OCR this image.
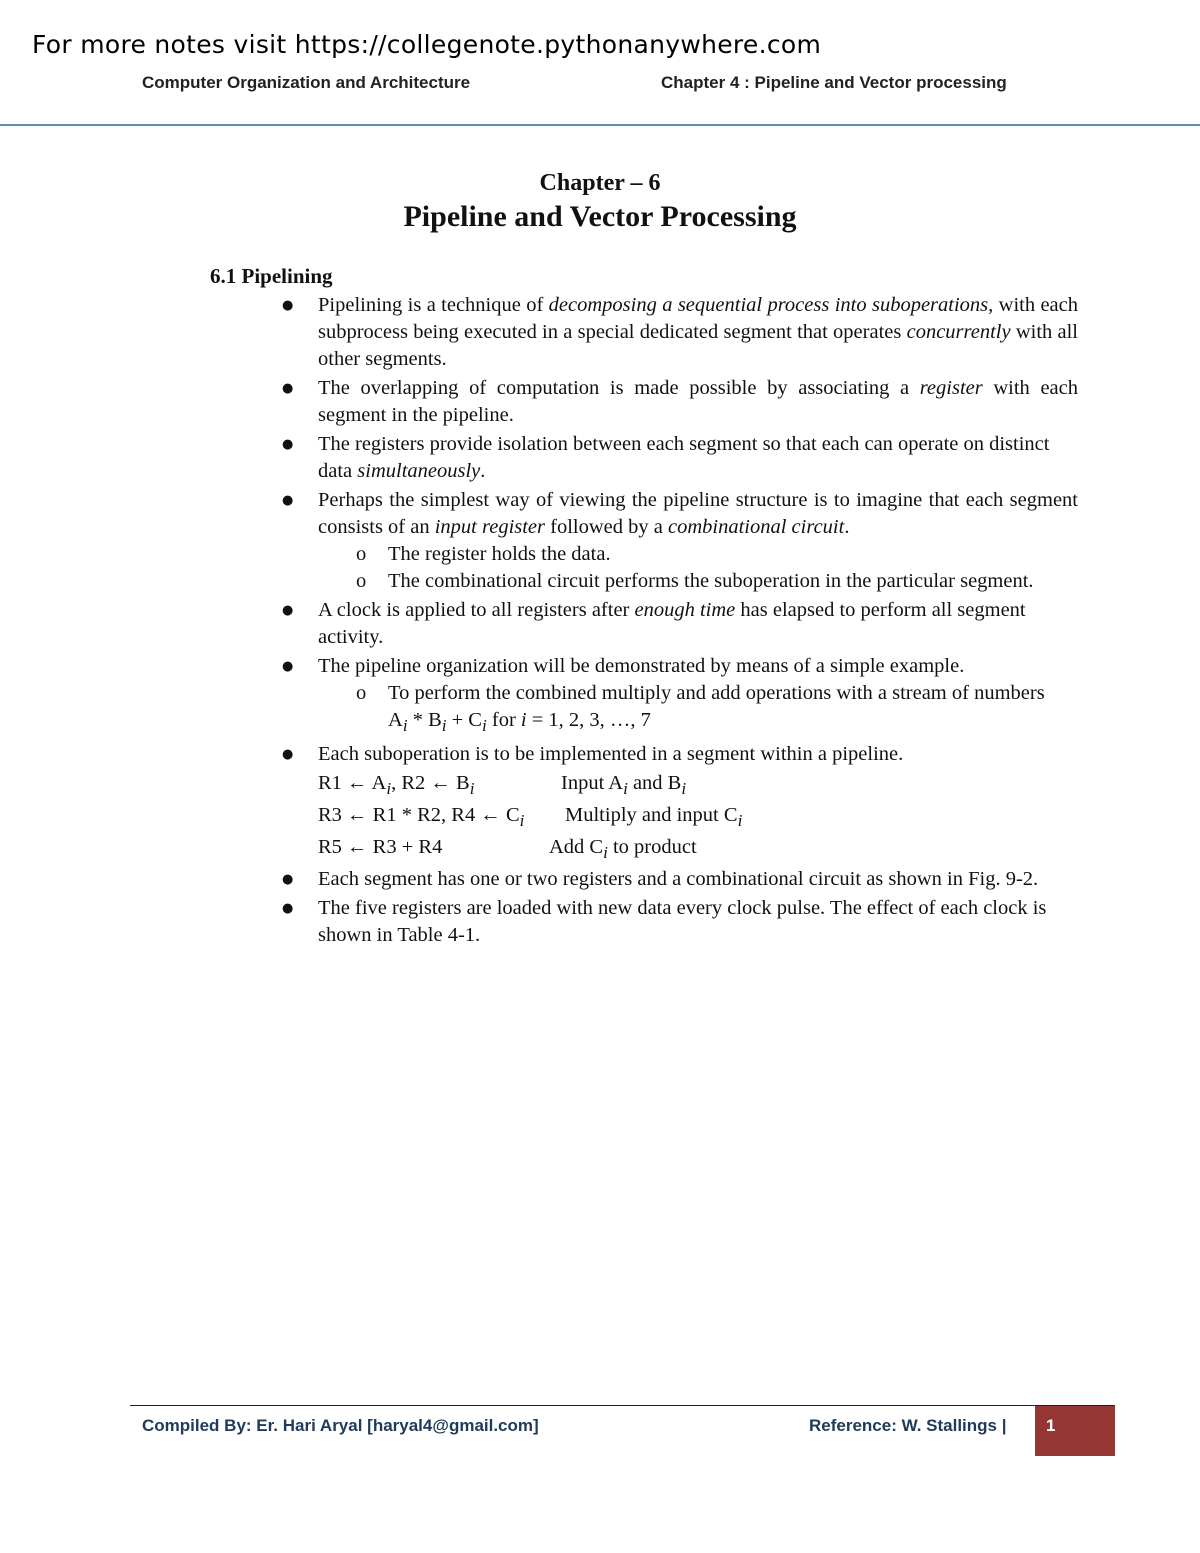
For more notes visit https://collegenote.pythonanywhere.com
Computer Organization and Architecture	Chapter 4 : Pipeline and Vector processing
Chapter – 6
Pipeline and Vector Processing
6.1 Pipelining
● Pipelining is a technique of decomposing a sequential process into suboperations, with each subprocess being executed in a special dedicated segment that operates concurrently with all other segments.
● The overlapping of computation is made possible by associating a register with each segment in the pipeline.
● The registers provide isolation between each segment so that each can operate on distinct data simultaneously.
● Perhaps the simplest way of viewing the pipeline structure is to imagine that each segment consists of an input register followed by a combinational circuit.
o The register holds the data.
o The combinational circuit performs the suboperation in the particular segment.
● A clock is applied to all registers after enough time has elapsed to perform all segment activity.
● The pipeline organization will be demonstrated by means of a simple example.
o To perform the combined multiply and add operations with a stream of numbers
$A_i * B_i + C_i$ for i = 1, 2, 3, …, 7
● Each suboperation is to be implemented in a segment within a pipeline.
R1 ← $A_i$, R2 ← $B_i$	Input $A_i$ and $B_i$
R3 ← R1 * R2, R4 ← $C_i$	Multiply and input $C_i$
R5 ← R3 + R4	Add $C_i$ to product
● Each segment has one or two registers and a combinational circuit as shown in Fig. 9-2.
● The five registers are loaded with new data every clock pulse. The effect of each clock is shown in Table 4-1.
Compiled By: Er. Hari Aryal [haryal4@gmail.com]	Reference: W. Stallings | 1
